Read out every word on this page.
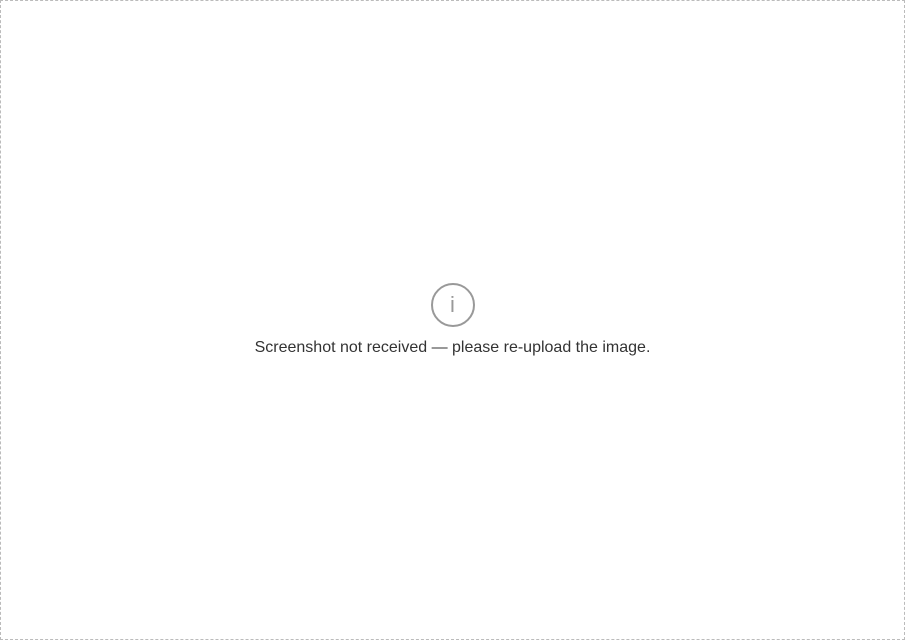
i
Screenshot not received — please re-upload the image.
